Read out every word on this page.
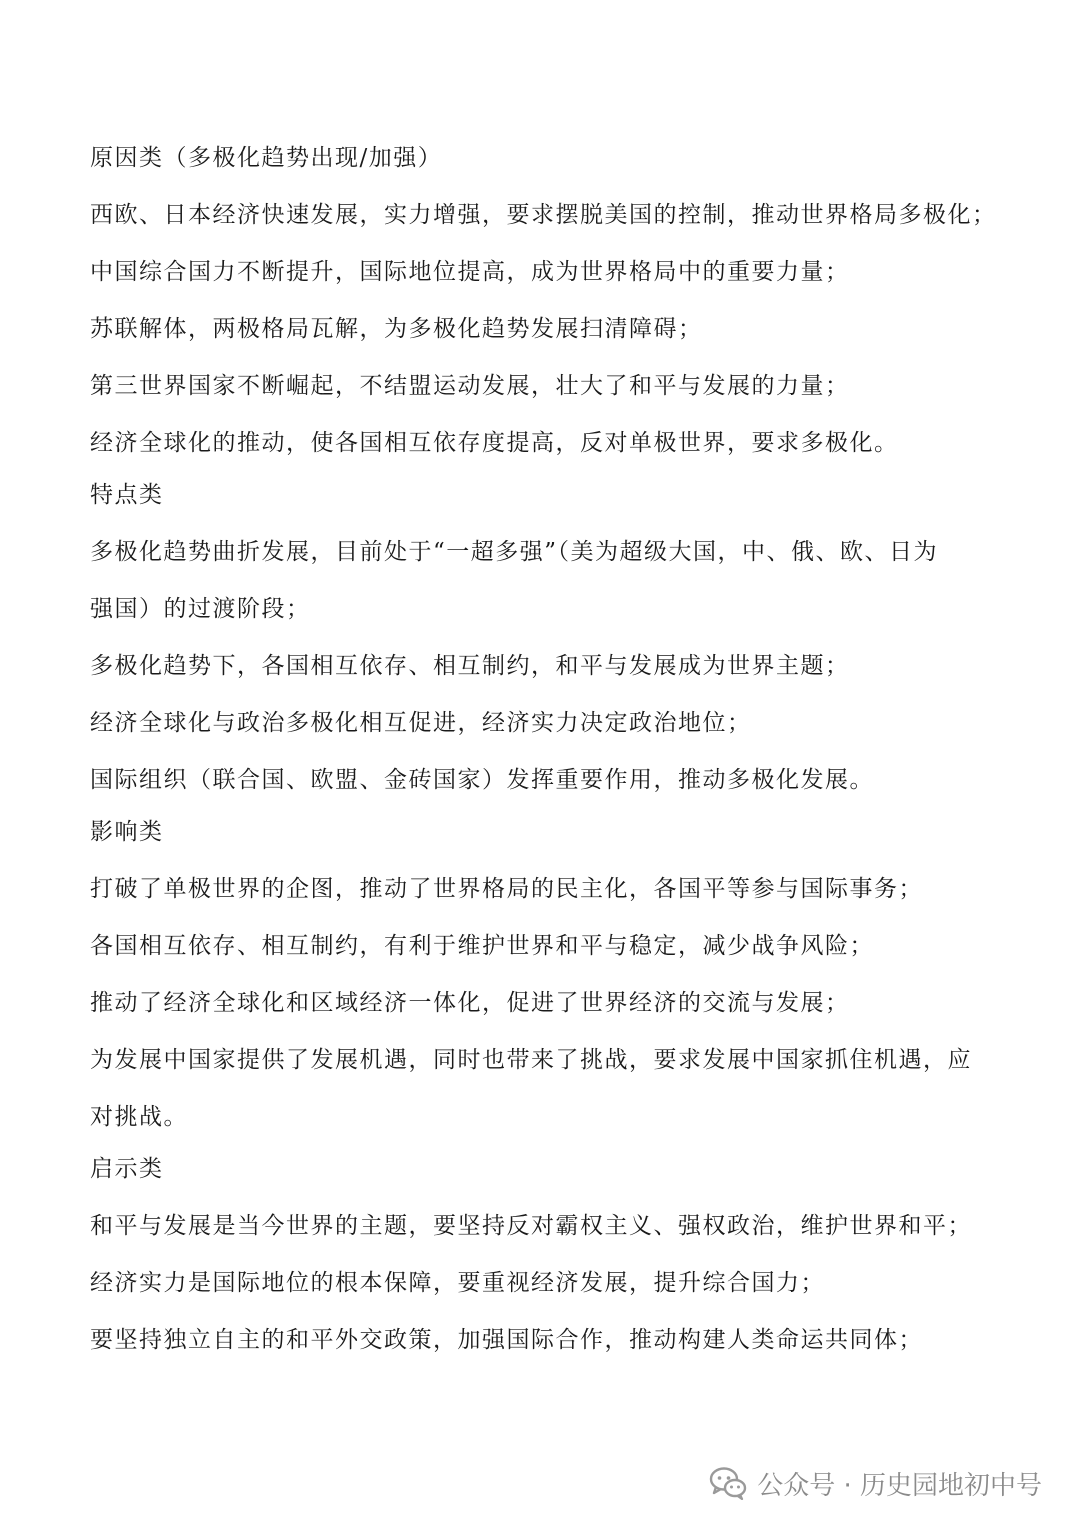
原因类（多极化趋势出现/加强）
西欧、日本经济快速发展，实力增强，要求摆脱美国的控制，推动世界格局多极化；
中国综合国力不断提升，国际地位提高，成为世界格局中的重要力量；
苏联解体，两极格局瓦解，为多极化趋势发展扫清障碍；
第三世界国家不断崛起，不结盟运动发展，壮大了和平与发展的力量；
经济全球化的推动，使各国相互依存度提高，反对单极世界，要求多极化。
特点类
多极化趋势曲折发展，目前处于“一超多强”（美为超级大国，中、俄、欧、日为
强国）的过渡阶段；
多极化趋势下，各国相互依存、相互制约，和平与发展成为世界主题；
经济全球化与政治多极化相互促进，经济实力决定政治地位；
国际组织（联合国、欧盟、金砖国家）发挥重要作用，推动多极化发展。
影响类
打破了单极世界的企图，推动了世界格局的民主化，各国平等参与国际事务；
各国相互依存、相互制约，有利于维护世界和平与稳定，减少战争风险；
推动了经济全球化和区域经济一体化，促进了世界经济的交流与发展；
为发展中国家提供了发展机遇，同时也带来了挑战，要求发展中国家抓住机遇，应
对挑战。
启示类
和平与发展是当今世界的主题，要坚持反对霸权主义、强权政治，维护世界和平；
经济实力是国际地位的根本保障，要重视经济发展，提升综合国力；
要坚持独立自主的和平外交政策，加强国际合作，推动构建人类命运共同体；
公众号 · 历史园地初中号
